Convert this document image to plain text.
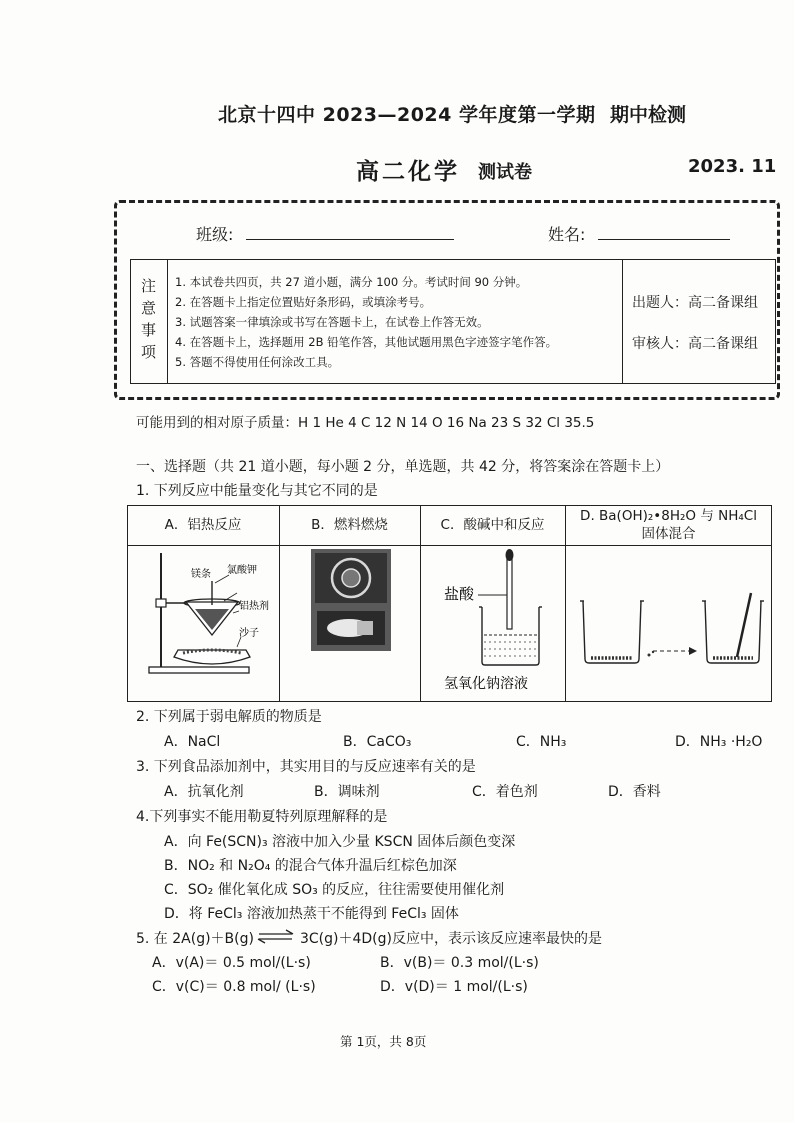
北京十四中 2023—2024 学年度第一学期 期中检测
高二化学 测试卷	2023. 11
班级:	姓名:
注
意
事
项
1. 本试卷共四页，共 27 道小题，满分 100 分。考试时间 90 分钟。
2. 在答题卡上指定位置贴好条形码，或填涂考号。
3. 试题答案一律填涂或书写在答题卡上，在试卷上作答无效。
4. 在答题卡上，选择题用 2B 铅笔作答，其他试题用黑色字迹签字笔作答。
5. 答题不得使用任何涂改工具。
出题人：高二备课组
审核人：高二备课组
可能用到的相对原子质量：H 1 He 4 C 12 N 14 O 16 Na 23 S 32 Cl 35.5
一、选择题（共 21 道小题，每小题 2 分，单选题，共 42 分，将答案涂在答题卡上）
1. 下列反应中能量变化与其它不同的是
A．铝热反应	B．燃料燃烧	C．酸碱中和反应
D. Ba(OH)₂•8H₂O 与 NH₄Cl
固体混合
镁条 氯酸钾
铝热剂
沙子
盐酸
氢氧化钠溶液
2. 下列属于弱电解质的物质是
A．NaCl	B．CaCO₃	C．NH₃	D．NH₃ ·H₂O
3. 下列食品添加剂中，其实用目的与反应速率有关的是
A．抗氧化剂	B．调味剂	C．着色剂	D．香料
4.下列事实不能用勒夏特列原理解释的是
A．向 Fe(SCN)₃ 溶液中加入少量 KSCN 固体后颜色变深
B．NO₂ 和 N₂O₄ 的混合气体升温后红棕色加深
C．SO₂ 催化氧化成 SO₃ 的反应，往往需要使用催化剂
D．将 FeCl₃ 溶液加热蒸干不能得到 FeCl₃ 固体
5. 在 2A(g)＋B(g) ⇌ 3C(g)＋4D(g)反应中，表示该反应速率最快的是
A．v(A)＝ 0.5 mol/(L·s)	B．v(B)＝ 0.3 mol/(L·s)
C．v(C)＝ 0.8 mol/ (L·s)	D．v(D)＝ 1 mol/(L·s)
第 1页，共 8页
